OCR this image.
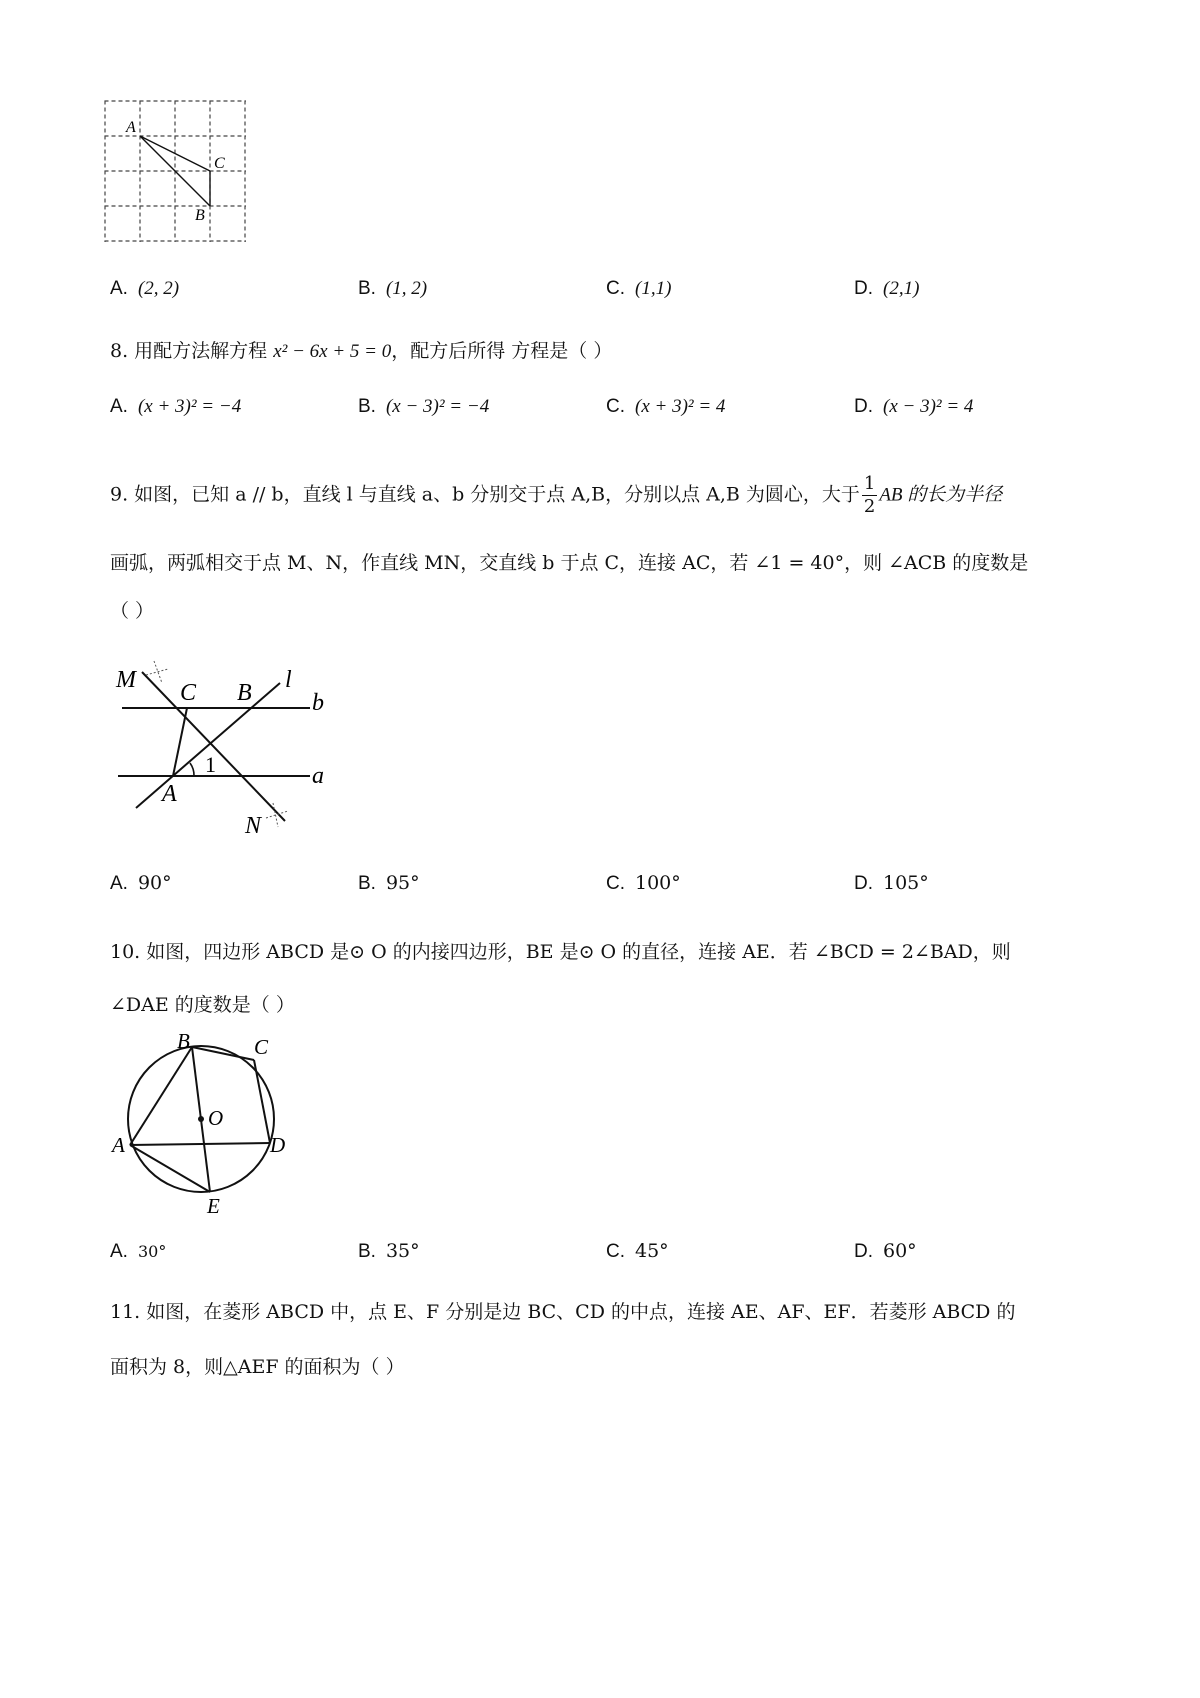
A
C
B
A. (2, 2)	B. (1, 2)	C. (1,1)	D. (2,1)
8. 用配方法解方程 x² − 6x + 5 = 0，配方后所得 方程是（ ）
A. (x + 3)² = −4	B. (x − 3)² = −4	C. (x + 3)² = 4	D. (x − 3)² = 4
9. 如图，已知 a // b，直线 l 与直线 a、b 分别交于点 A,B，分别以点 A,B 为圆心，大于 $\frac{1}{2}$ AB 的长为半径
画弧，两弧相交于点 M、N，作直线 MN，交直线 b 于点 C，连接 AC，若 ∠1 = 40°，则 ∠ACB 的度数是
（ ）
M C B l
b
1
A
a
N
A. 90°	B. 95°	C. 100°	D. 105°
10. 如图，四边形 ABCD 是⊙ O 的内接四边形，BE 是⊙ O 的直径，连接 AE．若 ∠BCD = 2∠BAD，则
∠DAE 的度数是（ ）
B	C
O
A	D
E
A. 30°	B. 35°	C. 45°	D. 60°
11. 如图，在菱形 ABCD 中，点 E、F 分别是边 BC、CD 的中点，连接 AE、AF、EF．若菱形 ABCD 的
面积为 8，则△AEF 的面积为（ ）
